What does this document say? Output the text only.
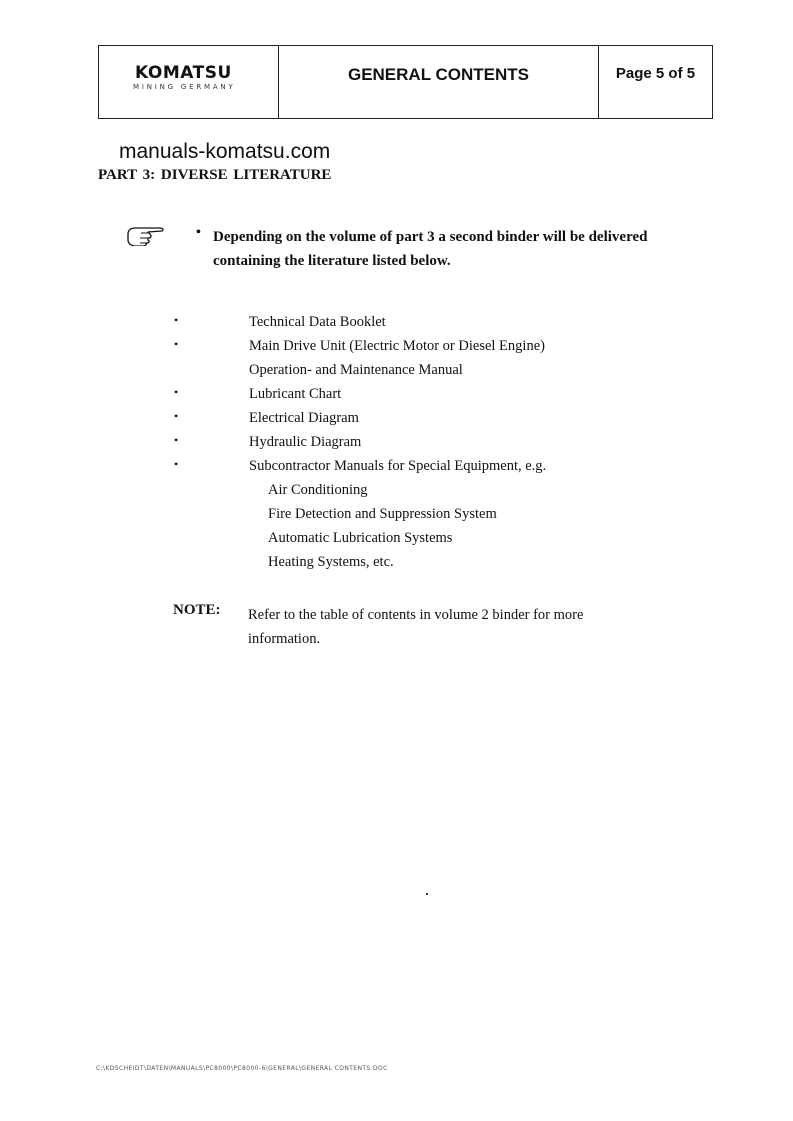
KOMATSU
MINING GERMANY
GENERAL CONTENTS	Page 5 of 5
manuals-komatsu.com
PART 3: DIVERSE LITERATURE
• Depending on the volume of part 3 a second binder will be delivered containing the literature listed below.
•	Technical Data Booklet
•	Main Drive Unit (Electric Motor or Diesel Engine)
Operation- and Maintenance Manual
•	Lubricant Chart
•	Electrical Diagram
•	Hydraulic Diagram
•	Subcontractor Manuals for Special Equipment, e.g.
Air Conditioning
Fire Detection and Suppression System
Automatic Lubrication Systems
Heating Systems, etc.
NOTE: Refer to the table of contents in volume 2 binder for more information.
C:\KDSCHEIDT\DATEN\MANUALS\PC8000\PC8000-6\GENERAL\GENERAL CONTENTS.DOC
